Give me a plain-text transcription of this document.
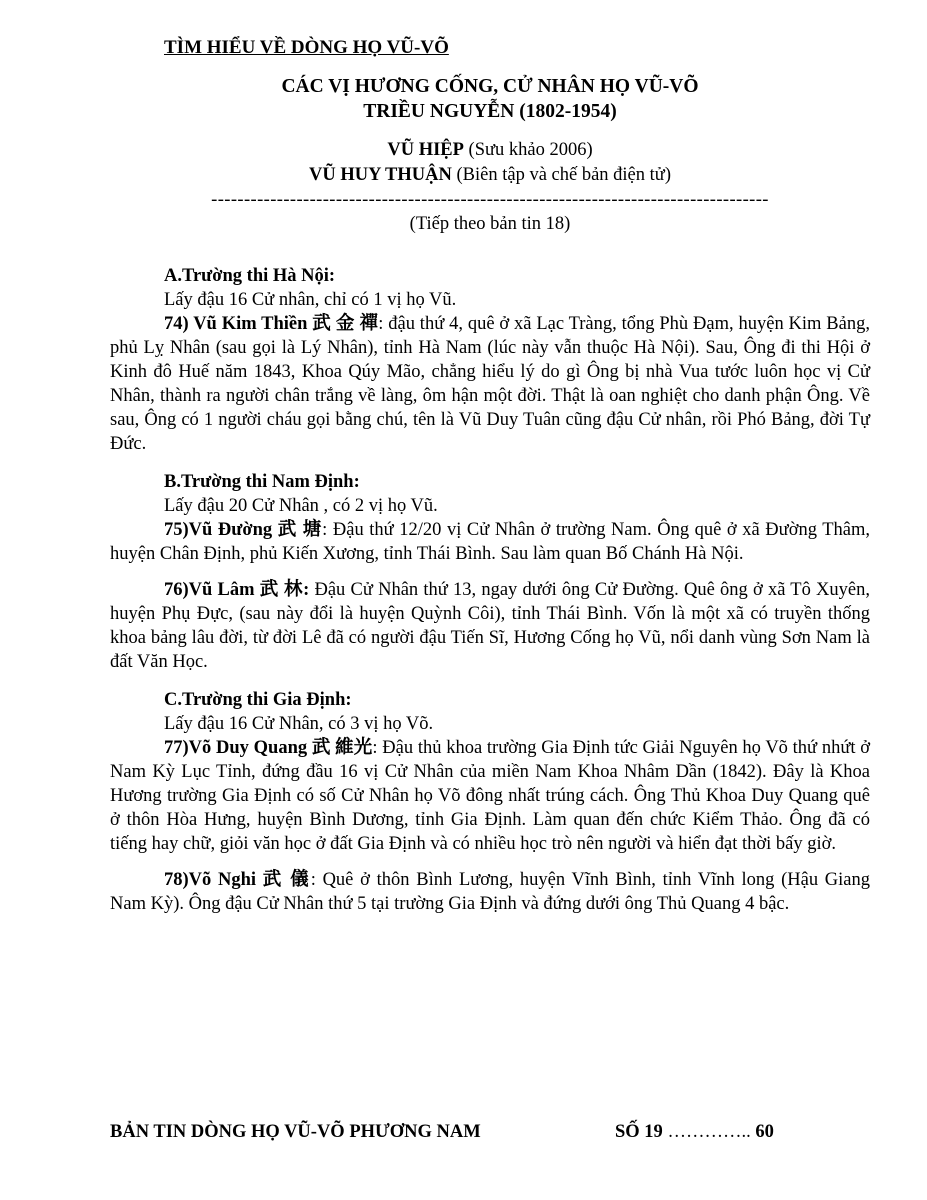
TÌM HIỂU VỀ DÒNG HỌ VŨ-VÕ
CÁC VỊ HƯƠNG CỐNG, CỬ NHÂN HỌ VŨ-VÕ
TRIỀU NGUYỄN (1802-1954)
VŨ HIỆP (Sưu khảo 2006)
VŨ HUY THUẬN (Biên tập và chế bản điện tử)
-------------------------------------------------------------------------------------
(Tiếp theo bản tin 18)
A.Trường thi Hà Nội:
Lấy đậu 16 Cử nhân, chỉ có 1 vị họ Vũ.

74) Vũ Kim Thiền 武 金 禪: đậu thứ 4, quê ở xã Lạc Tràng, tổng Phù Đạm, huyện Kim Bảng, phủ Lỵ Nhân (sau gọi là Lý Nhân), tỉnh Hà Nam (lúc này vẫn thuộc Hà Nội). Sau, Ông đi thi Hội ở Kinh đô Huế năm 1843, Khoa Qúy Mão, chẳng hiểu lý do gì Ông bị nhà Vua tước luôn học vị Cử Nhân, thành ra người chân trắng về làng, ôm hận một đời. Thật là oan nghiệt cho danh phận Ông. Về sau, Ông có 1 người cháu gọi bằng chú, tên là Vũ Duy Tuân cũng đậu Cử nhân, rồi Phó Bảng, đời Tự Đức.

B.Trường thi Nam Định:
Lấy đậu 20 Cử Nhân , có 2 vị họ Vũ.

75)Vũ Đường 武 塘: Đậu thứ 12/20 vị Cử Nhân ở trường Nam. Ông quê ở xã Đường Thâm, huyện Chân Định, phủ Kiến Xương, tỉnh Thái Bình. Sau làm quan Bố Chánh Hà Nội.

76)Vũ Lâm 武 林: Đậu Cử Nhân thứ 13, ngay dưới ông Cử Đường. Quê ông ở xã Tô Xuyên, huyện Phụ Đực, (sau này đổi là huyện Quỳnh Côi), tỉnh Thái Bình. Vốn là một xã có truyền thống khoa bảng lâu đời, từ đời Lê đã có người đậu Tiến Sĩ, Hương Cống họ Vũ, nổi danh vùng Sơn Nam là đất Văn Học.

C.Trường thi Gia Định:
Lấy đậu 16 Cử Nhân, có 3 vị họ Võ.

77)Võ Duy Quang 武 維光: Đậu thủ khoa trường Gia Định tức Giải Nguyên họ Võ thứ nhứt ở Nam Kỳ Lục Tỉnh, đứng đầu 16 vị Cử Nhân của miền Nam Khoa Nhâm Dần (1842). Đây là Khoa Hương trường Gia Định có số Cử Nhân họ Võ đông nhất trúng cách. Ông Thủ Khoa Duy Quang quê ở thôn Hòa Hưng, huyện Bình Dương, tỉnh Gia Định. Làm quan đến chức Kiểm Thảo. Ông đã có tiếng hay chữ, giỏi văn học ở đất Gia Định và có nhiều học trò nên người và hiển đạt thời bấy giờ.

78)Võ Nghi 武 儀: Quê ở thôn Bình Lương, huyện Vĩnh Bình, tỉnh Vĩnh long (Hậu Giang Nam Kỳ). Ông đậu Cử Nhân thứ 5 tại trường Gia Định và đứng dưới ông Thủ Quang 4 bậc.

BẢN TIN DÒNG HỌ VŨ-VÕ PHƯƠNG NAM	SỐ 19 ………….. 60
